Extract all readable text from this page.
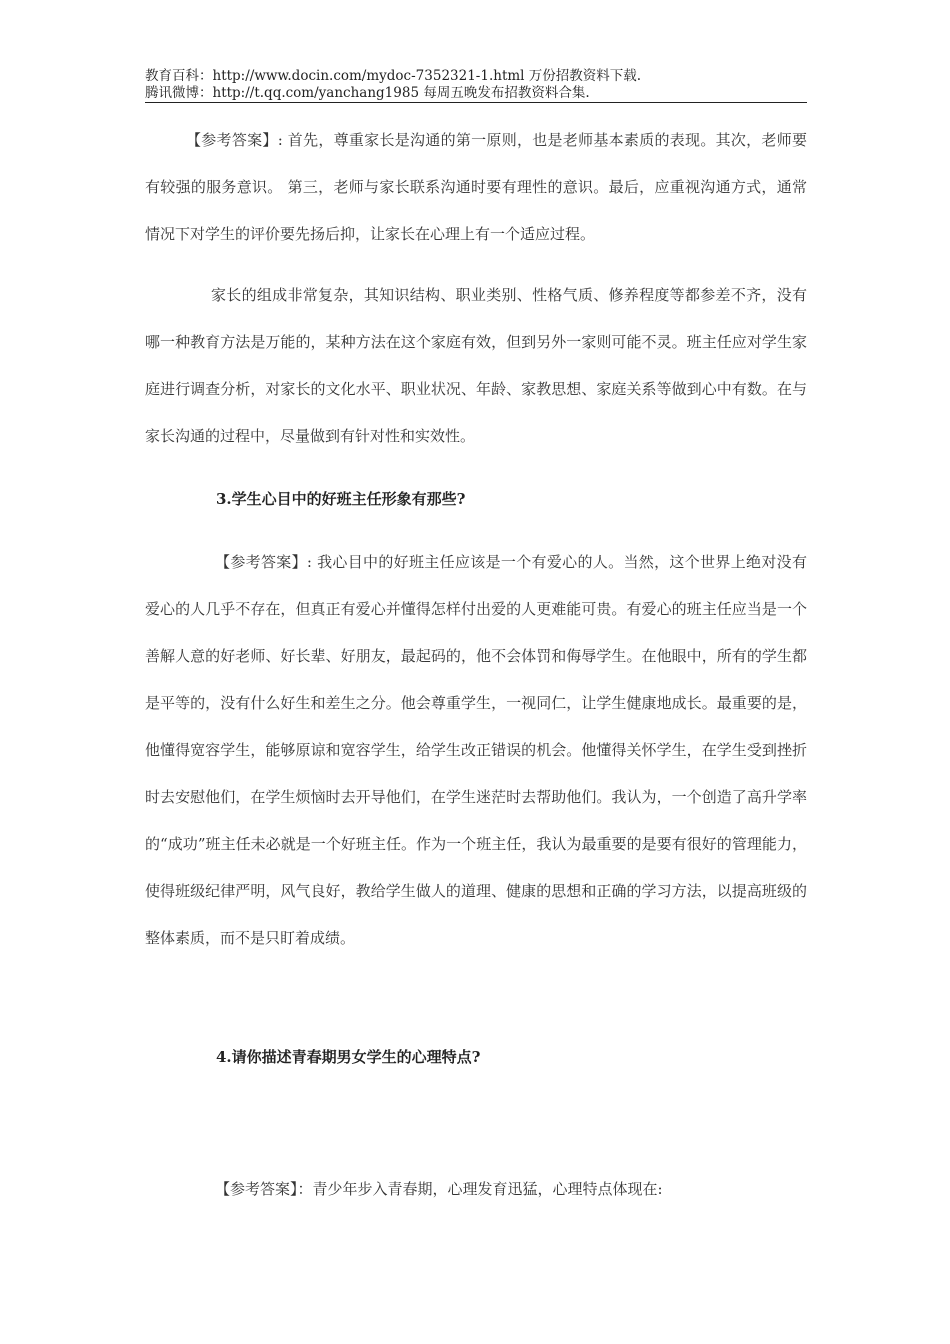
教育百科：http://www.docin.com/mydoc-7352321-1.html 万份招教资料下载.
腾讯微博：http://t.qq.com/yanchang1985 每周五晚发布招教资料合集.

【参考答案】: 首先，尊重家长是沟通的第一原则，也是老师基本素质的表现。其次，老师要有较强的服务意识。 第三，老师与家长联系沟通时要有理性的意识。最后，应重视沟通方式，通常情况下对学生的评价要先扬后抑，让家长在心理上有一个适应过程。

家长的组成非常复杂，其知识结构、职业类别、性格气质、修养程度等都参差不齐，没有哪一种教育方法是万能的，某种方法在这个家庭有效，但到另外一家则可能不灵。班主任应对学生家庭进行调查分析，对家长的文化水平、职业状况、年龄、家教思想、家庭关系等做到心中有数。在与家长沟通的过程中，尽量做到有针对性和实效性。

3.学生心目中的好班主任形象有那些?

【参考答案】: 我心目中的好班主任应该是一个有爱心的人。当然，这个世界上绝对没有爱心的人几乎不存在，但真正有爱心并懂得怎样付出爱的人更难能可贵。有爱心的班主任应当是一个善解人意的好老师、好长辈、好朋友，最起码的，他不会体罚和侮辱学生。在他眼中，所有的学生都是平等的，没有什么好生和差生之分。他会尊重学生，一视同仁，让学生健康地成长。最重要的是，他懂得宽容学生，能够原谅和宽容学生，给学生改正错误的机会。他懂得关怀学生，在学生受到挫折时去安慰他们，在学生烦恼时去开导他们，在学生迷茫时去帮助他们。我认为，一个创造了高升学率的“成功”班主任未必就是一个好班主任。作为一个班主任，我认为最重要的是要有很好的管理能力，使得班级纪律严明，风气良好，教给学生做人的道理、健康的思想和正确的学习方法，以提高班级的整体素质，而不是只盯着成绩。

4.请你描述青春期男女学生的心理特点?

【参考答案】：青少年步入青春期，心理发育迅猛，心理特点体现在:
